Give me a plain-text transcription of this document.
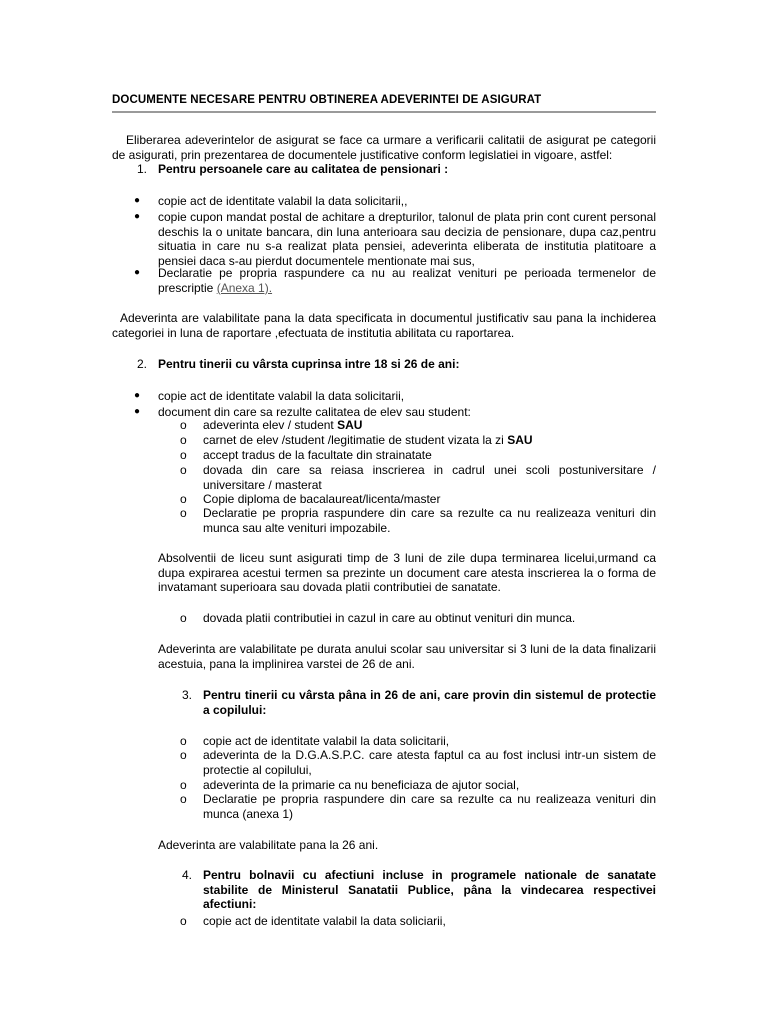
DOCUMENTE NECESARE PENTRU OBTINEREA ADEVERINTEI DE ASIGURAT
Eliberarea adeverintelor de asigurat se face ca urmare a verificarii calitatii de asigurat pe categorii de asigurati, prin prezentarea de documentele justificative conform legislatiei in vigoare, astfel:
1. Pentru persoanele care au calitatea de pensionari :
● copie act de identitate valabil la data solicitarii,,
● copie cupon mandat postal de achitare a drepturilor, talonul de plata prin cont curent personal deschis la o unitate bancara, din luna anterioara sau decizia de pensionare, dupa caz,pentru situatia in care nu s-a realizat plata pensiei, adeverinta eliberata de institutia platitoare a pensiei daca s-au pierdut documentele mentionate mai sus,
● Declaratie pe propria raspundere ca nu au realizat venituri pe perioada termenelor de prescriptie (Anexa 1).
Adeverinta are valabilitate pana la data specificata in documentul justificativ sau pana la inchiderea categoriei in luna de raportare ,efectuata de institutia abilitata cu raportarea.
2. Pentru tinerii cu vârsta cuprinsa intre 18 si 26 de ani:
● copie act de identitate valabil la data solicitarii,
● document din care sa rezulte calitatea de elev sau student:
o adeverinta elev / student SAU
o carnet de elev /student /legitimatie de student vizata la zi SAU
o accept tradus de la facultate din strainatate
o dovada din care sa reiasa inscrierea in cadrul unei scoli postuniversitare / universitare / masterat
o Copie diploma de bacalaureat/licenta/master
o Declaratie pe propria raspundere din care sa rezulte ca nu realizeaza venituri din munca sau alte venituri impozabile.
Absolventii de liceu sunt asigurati timp de 3 luni de zile dupa terminarea licelui,urmand ca dupa expirarea acestui termen sa prezinte un document care atesta inscrierea la o forma de invatamant superioara sau dovada platii contributiei de sanatate.
o dovada platii contributiei in cazul in care au obtinut venituri din munca.
Adeverinta are valabilitate pe durata anului scolar sau universitar si 3 luni de la data finalizarii acestuia, pana la implinirea varstei de 26 de ani.
3. Pentru tinerii cu vârsta pâna in 26 de ani, care provin din sistemul de protectie a copilului:
o copie act de identitate valabil la data solicitarii,
o adeverinta de la D.G.A.S.P.C. care atesta faptul ca au fost inclusi intr-un sistem de protectie al copilului,
o adeverinta de la primarie ca nu beneficiaza de ajutor social,
o Declaratie pe propria raspundere din care sa rezulte ca nu realizeaza venituri din munca (anexa 1)
Adeverinta are valabilitate pana la 26 ani.
4. Pentru bolnavii cu afectiuni incluse in programele nationale de sanatate stabilite de Ministerul Sanatatii Publice, pâna la vindecarea respectivei afectiuni:
o copie act de identitate valabil la data soliciarii,
